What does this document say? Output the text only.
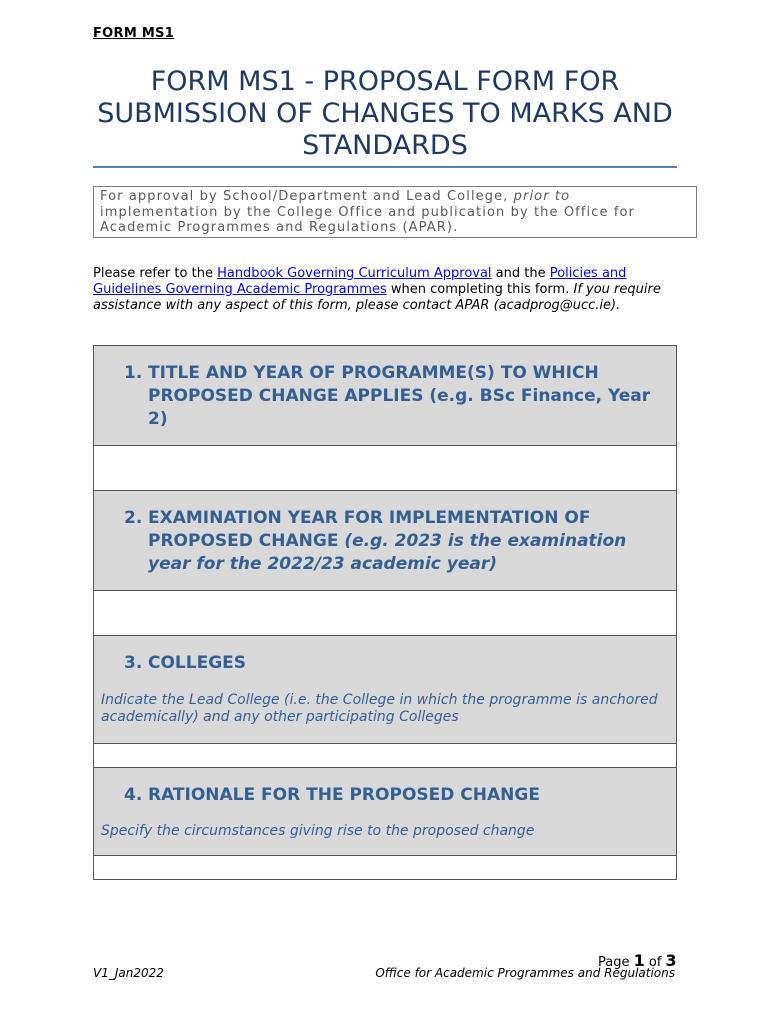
FORM MS1
FORM MS1 - PROPOSAL FORM FOR SUBMISSION OF CHANGES TO MARKS AND STANDARDS
For approval by School/Department and Lead College, prior to implementation by the College Office and publication by the Office for Academic Programmes and Regulations (APAR).
Please refer to the Handbook Governing Curriculum Approval and the Policies and Guidelines Governing Academic Programmes when completing this form. If you require assistance with any aspect of this form, please contact APAR (acadprog@ucc.ie).
1. TITLE AND YEAR OF PROGRAMME(S) TO WHICH PROPOSED CHANGE APPLIES (e.g. BSc Finance, Year 2)
2. EXAMINATION YEAR FOR IMPLEMENTATION OF PROPOSED CHANGE (e.g. 2023 is the examination year for the 2022/23 academic year)
3. COLLEGES
Indicate the Lead College (i.e. the College in which the programme is anchored academically) and any other participating Colleges
4. RATIONALE FOR THE PROPOSED CHANGE
Specify the circumstances giving rise to the proposed change
Page 1 of 3
V1_Jan2022	Office for Academic Programmes and Regulations
